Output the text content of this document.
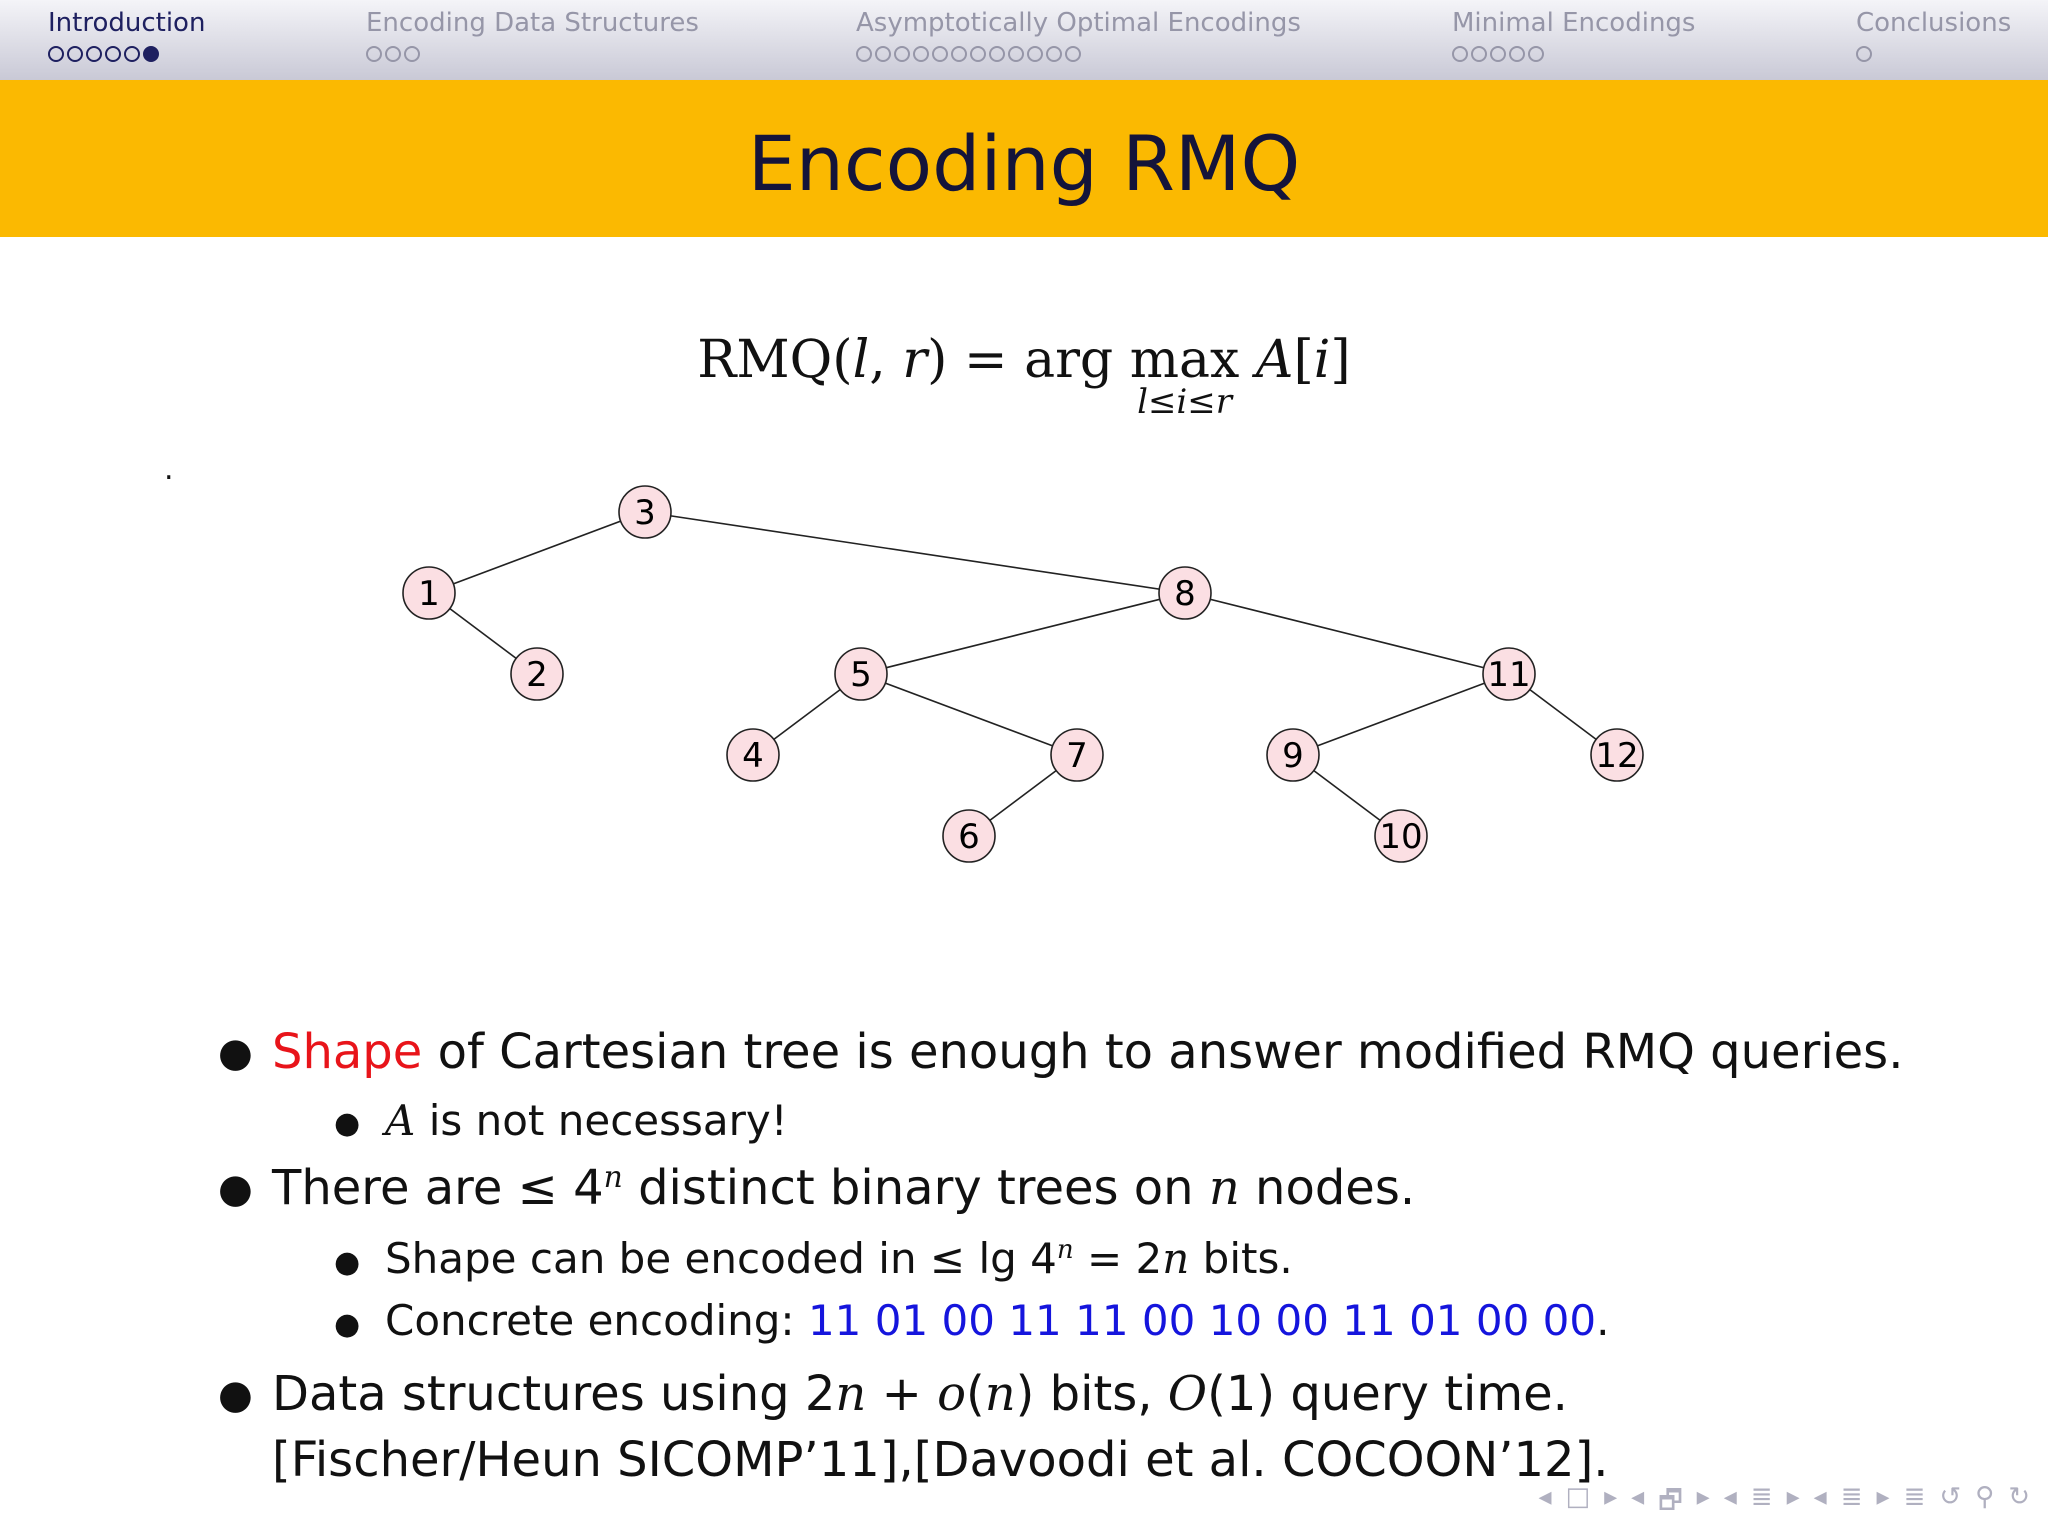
Introduction	Encoding Data Structures	Asymptotically Optimal Encodings	Minimal Encodings	Conclusions
Encoding RMQ
RMQ(l, r) = arg max
l≤i≤r
A[i]
.
3
1	8
2	5	11
4	7	9	12
6	10
● Shape of Cartesian tree is enough to answer modified RMQ queries.
● A is not necessary!
● There are ≤ $4^n$ distinct binary trees on n nodes.
● Shape can be encoded in ≤ $\lg 4^n = 2n$ bits.
● Concrete encoding: 11 01 00 11 11 00 10 00 11 01 00 00.
● Data structures using 2n + o(n) bits, O(1) query time.
[Fischer/Heun SICOMP’11],[Davoodi et al. COCOON’12].
◂ □ ▸ ◂ 🗗 ▸ ◂ ≣ ▸ ◂ ≣ ▸ ≣ ↺ ⚲ ↻
